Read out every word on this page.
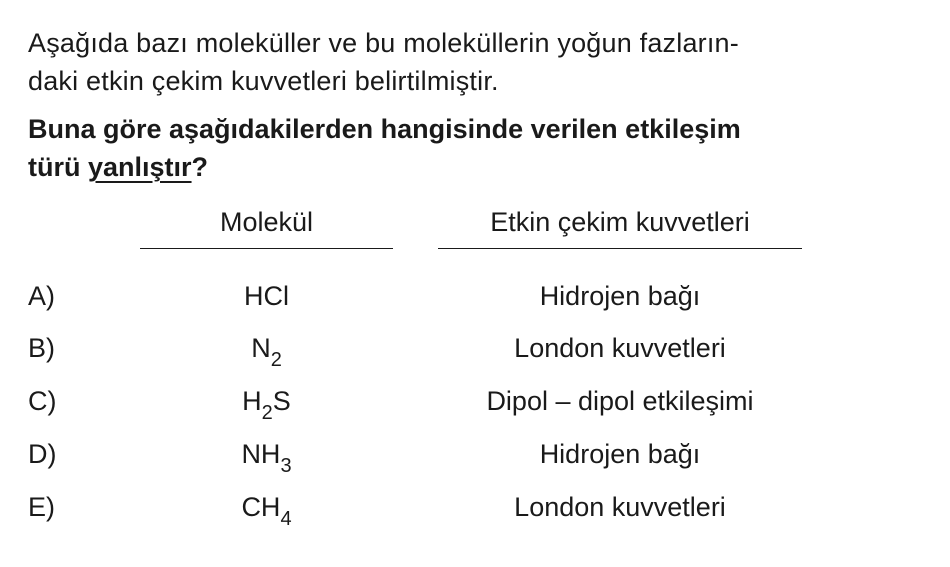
Aşağıda bazı moleküller ve bu moleküllerin yoğun fazların-
daki etkin çekim kuvvetleri belirtilmiştir.
Buna göre aşağıdakilerden hangisinde verilen etkileşim
türü yanlıştır?
Molekül	Etkin çekim kuvvetleri
A)	HCl	Hidrojen bağı
B)	$N_2$	London kuvvetleri
C)	$H_2S$	Dipol – dipol etkileşimi
D)	$NH_3$	Hidrojen bağı
E)	$CH_4$	London kuvvetleri
